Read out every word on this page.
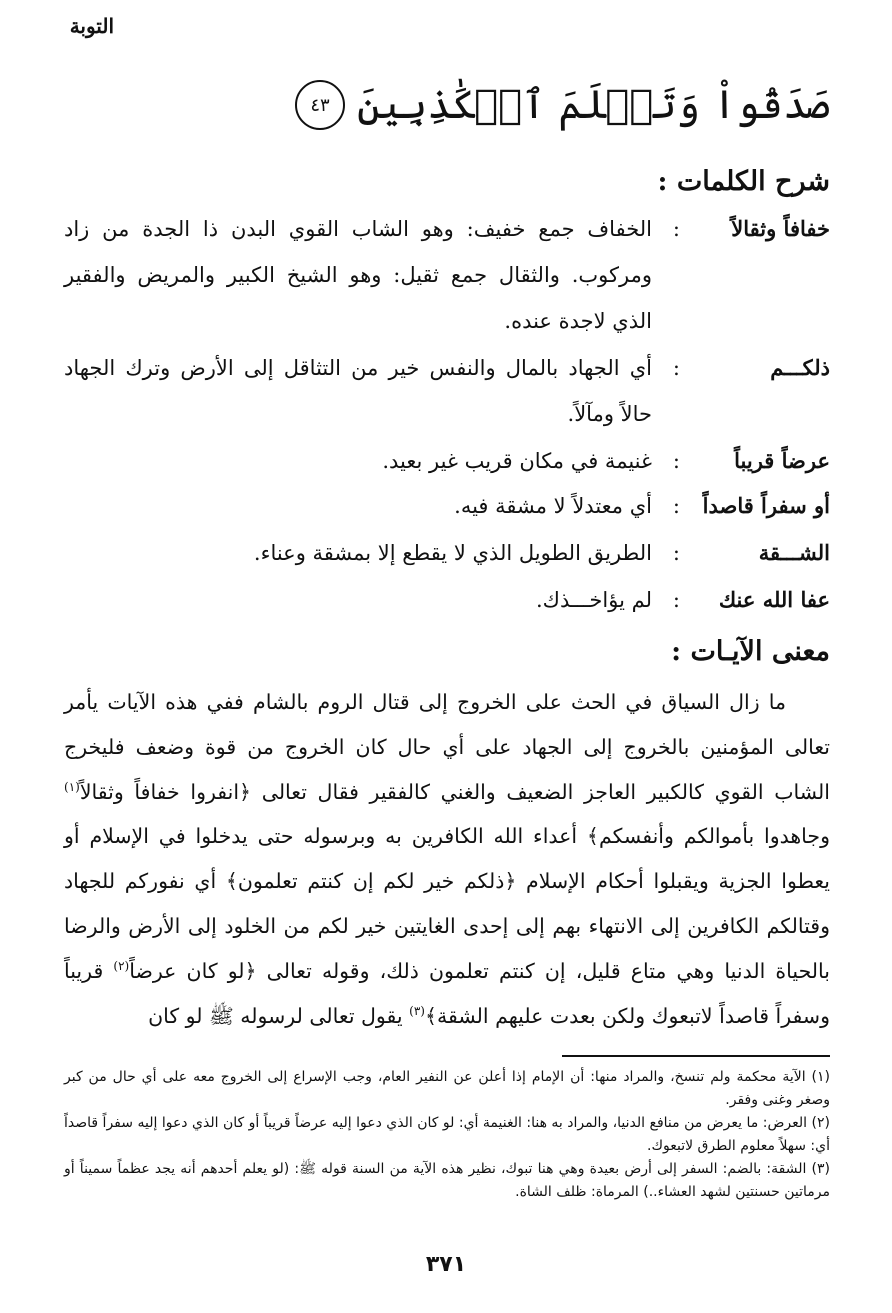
التوبة
صَدَقُواْ وَتَعۡلَمَ ٱلۡكَٰذِبِينَ
٤٣
شرح الكلمات :
خفافاً وثقالاً
:
الخفاف جمع خفيف: وهو الشاب القوي البدن ذا الجدة من زاد ومركوب. والثقال جمع ثقيل: وهو الشيخ الكبير والمريض والفقير الذي لاجدة عنده.
ذلكـــم
:
أي الجهاد بالمال والنفس خير من التثاقل إلى الأرض وترك الجهاد حالاً ومآلاً.
عرضاً قريباً
:
غنيمة في مكان قريب غير بعيد.
أو سفراً قاصداً
:
أي معتدلاً لا مشقة فيه.
الشـــقة
:
الطريق الطويل الذي لا يقطع إلا بمشقة وعناء.
عفا الله عنك
:
لم يؤاخـــذك.
معنى الآيـات :
ما زال السياق في الحث على الخروج إلى قتال الروم بالشام ففي هذه الآيات يأمر تعالى المؤمنين بالخروج إلى الجهاد على أي حال كان الخروج من قوة وضعف فليخرج الشاب القوي كالكبير العاجز الضعيف والغني كالفقير فقال تعالى ﴿انفروا خفافاً وثقالاً$^{(١)}$ وجاهدوا بأموالكم وأنفسكم﴾ أعداء الله الكافرين به وبرسوله حتى يدخلوا في الإسلام أو يعطوا الجزية ويقبلوا أحكام الإسلام ﴿ذلكم خير لكم إن كنتم تعلمون﴾ أي نفوركم للجهاد وقتالكم الكافرين إلى الانتهاء بهم إلى إحدى الغايتين خير لكم من الخلود إلى الأرض والرضا بالحياة الدنيا وهي متاع قليل، إن كنتم تعلمون ذلك، وقوله تعالى ﴿لو كان عرضاً$^{(٢)}$ قريباً وسفراً قاصداً لاتبعوك ولكن بعدت عليهم الشقة﴾$^{(٣)}$ يقول تعالى لرسوله ﷺ لو كان

(١) الآية محكمة ولم تنسخ، والمراد منها: أن الإمام إذا أعلن عن النفير العام، وجب الإسراع إلى الخروج معه على أي حال من كبر وصغر وغنى وفقر.

(٢) العرض: ما يعرض من منافع الدنيا، والمراد به هنا: الغنيمة أي: لو كان الذي دعوا إليه عرضاً قريباً أو كان الذي دعوا إليه سفراً قاصداً أي: سهلاً معلوم الطرق لاتبعوك.

(٣) الشقة: بالضم: السفر إلى أرض بعيدة وهي هنا تبوك، نظير هذه الآية من السنة قوله ﷺ: (لو يعلم أحدهم أنه يجد عظماً سميناً أو مرماتين حسنتين لشهد العشاء..) المرماة: ظلف الشاة.

٣٧١
